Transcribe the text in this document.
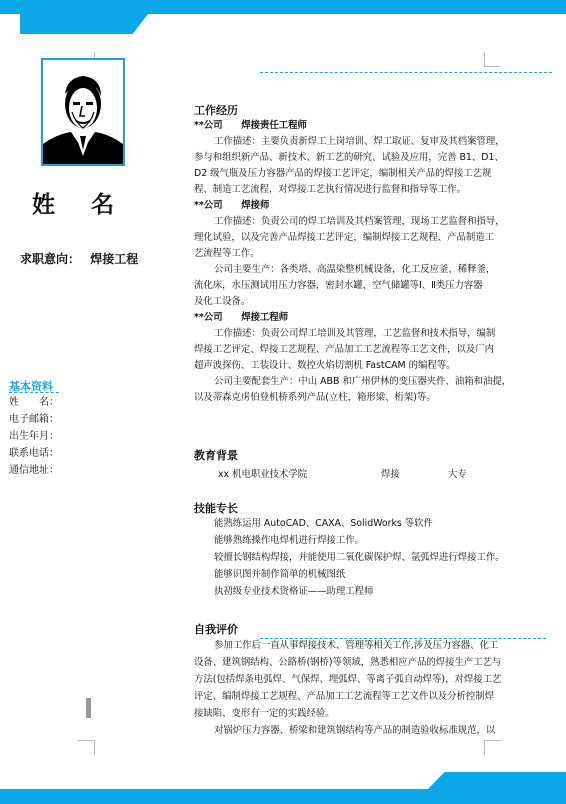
姓 名
求职意向： 焊接工程
基本资料
姓　　名：
电子邮箱：
出生年月：
联系电话：
通信地址：
工作经历
**公司　　焊接责任工程师
工作描述：主要负责新焊工上岗培训、焊工取证、复审及其档案管理，
参与和组织新产品、新技术、新工艺的研究、试验及应用，完善 B1、D1、
D2 级气瓶及压力容器产品的焊接工艺评定，编制相关产品的焊接工艺规
程、制造工艺流程，对焊接工艺执行情况进行监督和指导等工作。
**公司　　焊接师
工作描述：负责公司的焊工培训及其档案管理，现场工艺监督和指导，
理化试验，以及完善产品焊接工艺评定，编制焊接工艺规程、产品制造工
艺流程等工作。
公司主要生产：各类塔、高温染整机械设备，化工反应釜、稀释釜，
流化床，水压测试用压力容器，密封水罐，空气储罐等Ⅰ、Ⅱ类压力容器
及化工设备。
**公司　　焊接工程师
工作描述：负责公司焊工培训及其管理，工艺监督和技术指导，编制
焊接工艺评定、焊接工艺规程、产品加工工艺流程等工艺文件，以及厂内
超声波探伤、工装设计、数控火焰切割机 FastCAM 的编程等。
公司主要配套生产：中山 ABB 和广州伊林的变压器夹件、油箱和油提，
以及蒂森克虏伯登机桥系列产品(立柱，箱形梁、桁架)等。
教育背景
xx 机电职业技术学院	焊接	大专
技能专长
能熟练运用 AutoCAD、CAXA、SolidWorks 等软件
能够熟练操作电焊机进行焊接工作。
较擅长钢结构焊接，并能使用二氧化碳保护焊、氩弧焊进行焊接工作。
能够识图并制作简单的机械图纸
执初级专业技术资格证——助理工程师
自我评价
参加工作后一直从事焊接技术、管理等相关工作,涉及压力容器、化工
设备、建筑钢结构、公路桥(钢桥)等领域，熟悉相应产品的焊接生产工艺与
方法(包括焊条电弧焊、气保焊、埋弧焊、等离子弧自动焊等)，对焊接工艺
评定、编制焊接工艺规程、产品加工工艺流程等工艺文件以及分析控制焊
接缺陷、变形有一定的实践经验。
对锅炉压力容器、桥梁和建筑钢结构等产品的制造验收标准规范，以
